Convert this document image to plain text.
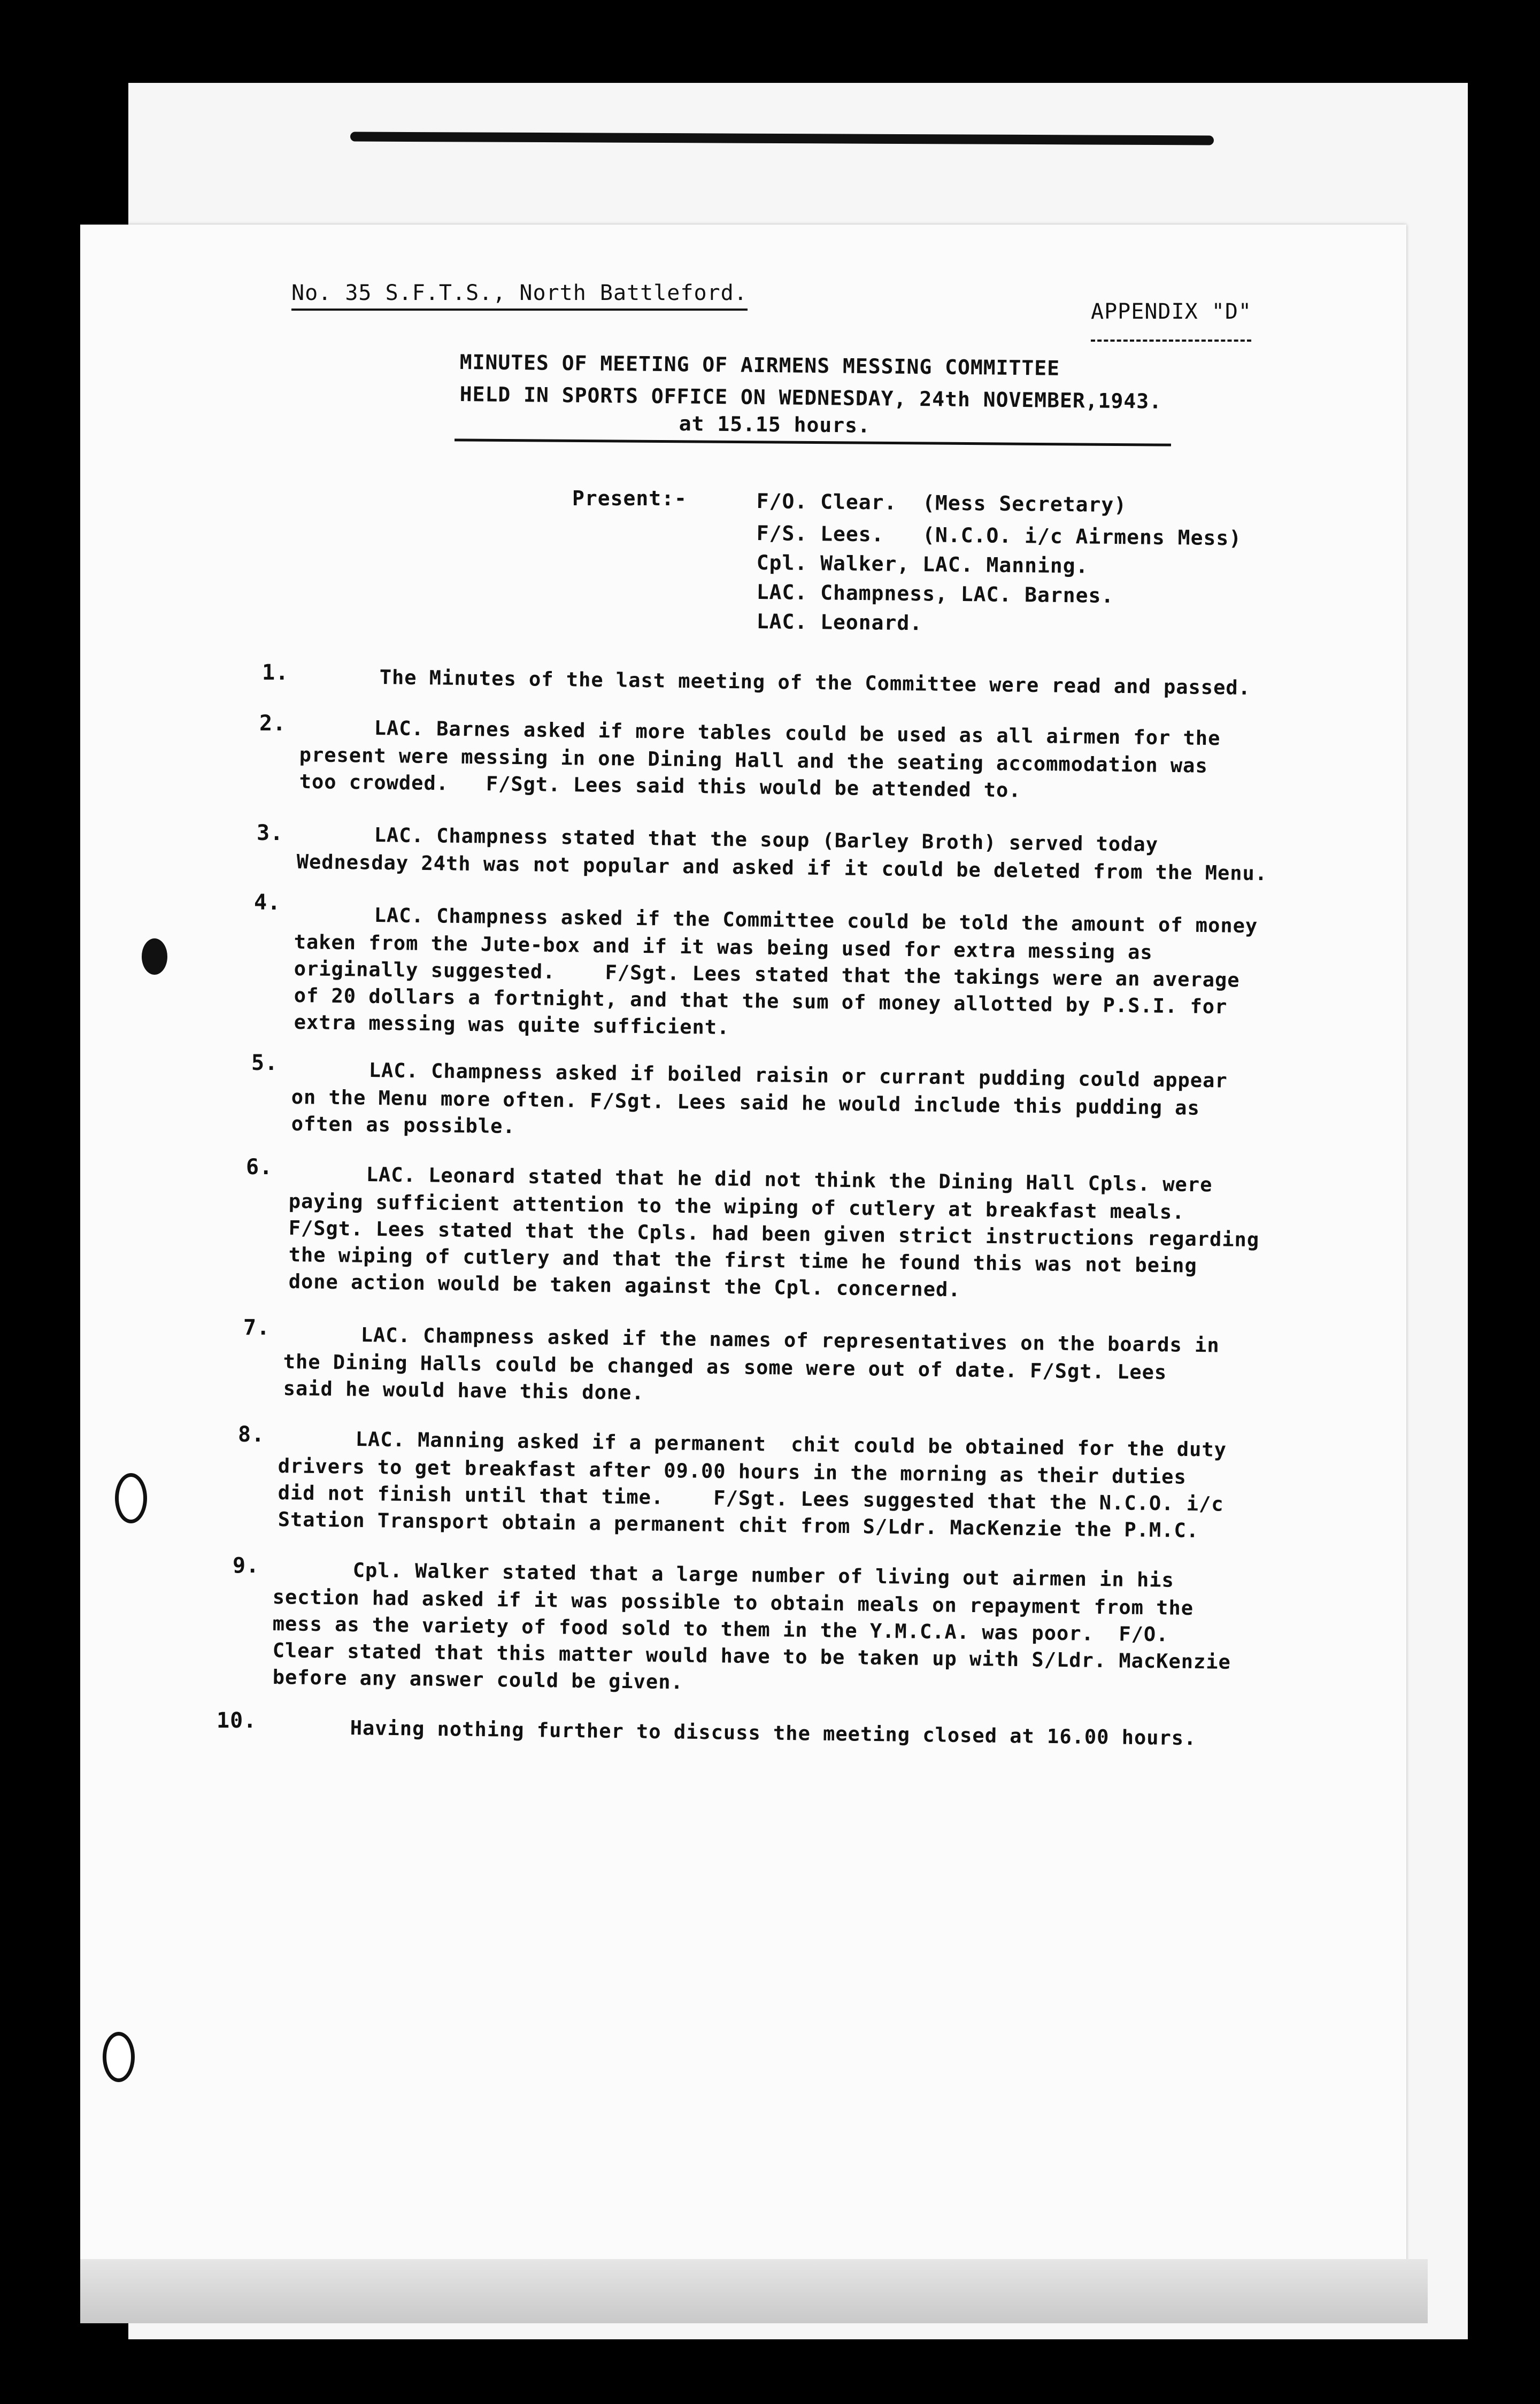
No. 35 S.F.T.S., North Battleford.
APPENDIX "D"
MINUTES OF MEETING OF AIRMENS MESSING COMMITTEE
HELD IN SPORTS OFFICE ON WEDNESDAY, 24th NOVEMBER,1943.
at 15.15 hours.
Present:-	F/O. Clear.  (Mess Secretary)
F/S. Lees.   (N.C.O. i/c Airmens Mess)
Cpl. Walker, LAC. Manning.
LAC. Champness, LAC. Barnes.
LAC. Leonard.
1.	The Minutes of the last meeting of the Committee were read and passed.
2.	LAC. Barnes asked if more tables could be used as all airmen for the
present were messing in one Dining Hall and the seating accommodation was
too crowded.   F/Sgt. Lees said this would be attended to.
3.	LAC. Champness stated that the soup (Barley Broth) served today
Wednesday 24th was not popular and asked if it could be deleted from the Menu.
4.
LAC. Champness asked if the Committee could be told the amount of money
taken from the Jute-box and if it was being used for extra messing as
originally suggested.    F/Sgt. Lees stated that the takings were an average
of 20 dollars a fortnight, and that the sum of money allotted by P.S.I. for
extra messing was quite sufficient.
5.	LAC. Champness asked if boiled raisin or currant pudding could appear
on the Menu more often. F/Sgt. Lees said he would include this pudding as
often as possible.
6.	LAC. Leonard stated that he did not think the Dining Hall Cpls. were
paying sufficient attention to the wiping of cutlery at breakfast meals.
F/Sgt. Lees stated that the Cpls. had been given strict instructions regarding
the wiping of cutlery and that the first time he found this was not being
done action would be taken against the Cpl. concerned.
7.	LAC. Champness asked if the names of representatives on the boards in
the Dining Halls could be changed as some were out of date. F/Sgt. Lees
said he would have this done.
8.	LAC. Manning asked if a permanent  chit could be obtained for the duty
drivers to get breakfast after 09.00 hours in the morning as their duties
did not finish until that time.    F/Sgt. Lees suggested that the N.C.O. i/c
Station Transport obtain a permanent chit from S/Ldr. MacKenzie the P.M.C.
9.	Cpl. Walker stated that a large number of living out airmen in his
section had asked if it was possible to obtain meals on repayment from the
mess as the variety of food sold to them in the Y.M.C.A. was poor.  F/O.
Clear stated that this matter would have to be taken up with S/Ldr. MacKenzie
before any answer could be given.
10.	Having nothing further to discuss the meeting closed at 16.00 hours.
